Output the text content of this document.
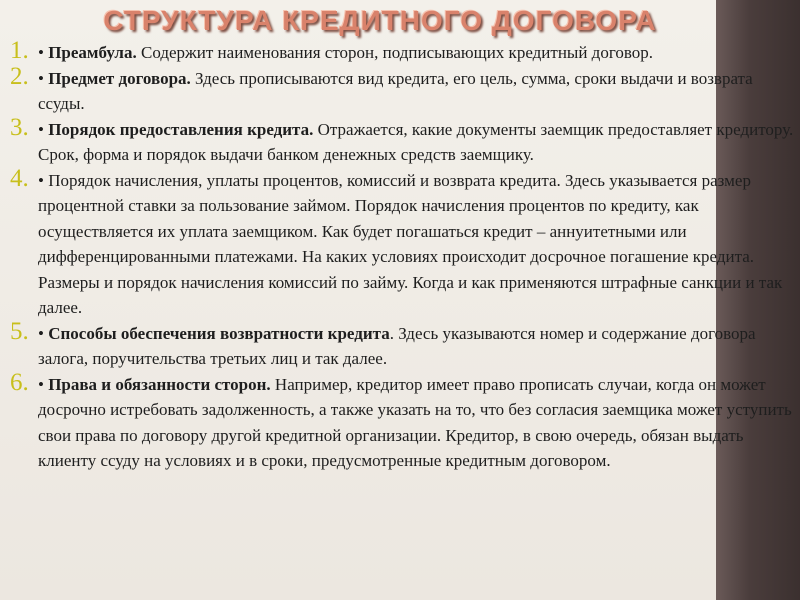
СТРУКТУРА КРЕДИТНОГО ДОГОВОРА
1. • Преамбула. Содержит наименования сторон, подписывающих кредитный договор.
2. • Предмет договора. Здесь прописываются вид кредита, его цель, сумма, сроки выдачи и возврата ссуды.
3. • Порядок предоставления кредита. Отражается, какие документы заемщик предоставляет кредитору. Срок, форма и порядок выдачи банком денежных средств заемщику.
4. • Порядок начисления, уплаты процентов, комиссий и возврата кредита. Здесь указывается размер процентной ставки за пользование займом. Порядок начисления процентов по кредиту, как осуществляется их уплата заемщиком. Как будет погашаться кредит – аннуитетными или дифференцированными платежами. На каких условиях происходит досрочное погашение кредита. Размеры и порядок начисления комиссий по займу. Когда и как применяются штрафные санкции и так далее.
5. • Способы обеспечения возвратности кредита. Здесь указываются номер и содержание договора залога, поручительства третьих лиц и так далее.
6. • Права и обязанности сторон. Например, кредитор имеет право прописать случаи, когда он может досрочно истребовать задолженность, а также указать на то, что без согласия заемщика может уступить свои права по договору другой кредитной организации. Кредитор, в свою очередь, обязан выдать клиенту ссуду на условиях и в сроки, предусмотренные кредитным договором.
